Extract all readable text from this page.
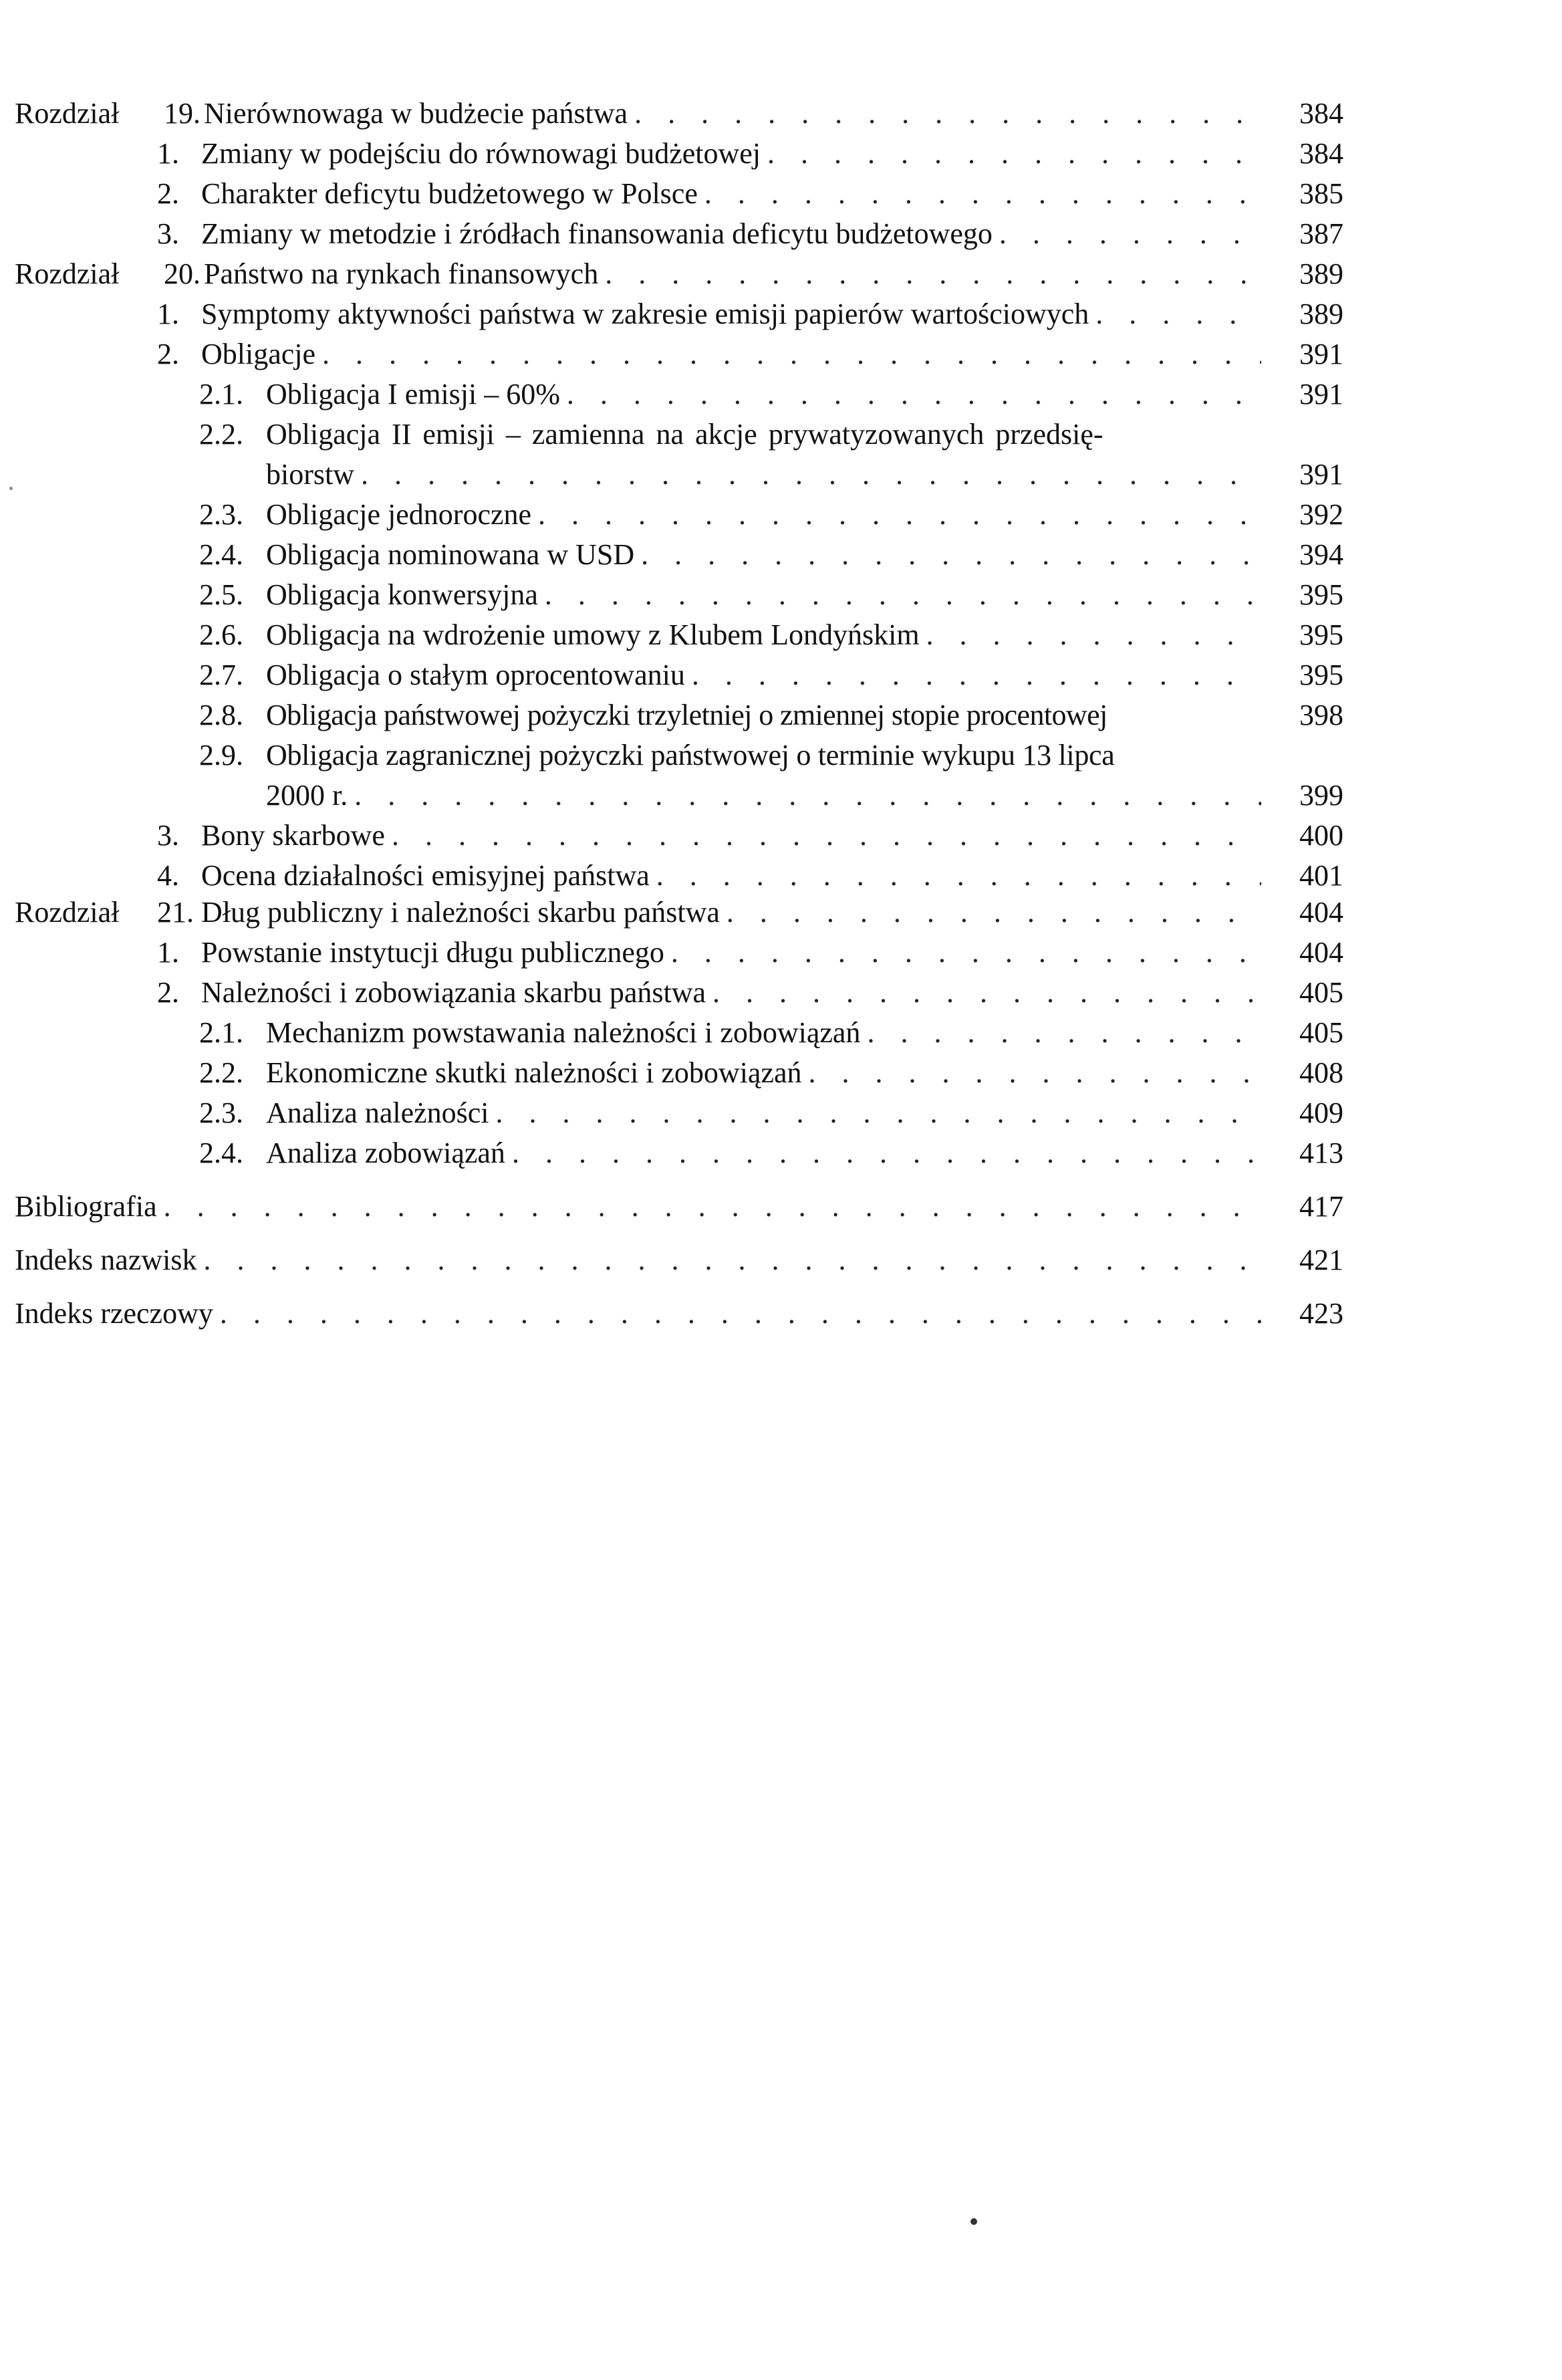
Rozdział 19. Nierównowaga w budżecie państwa . . .	384
1. Zmiany w podejściu do równowagi budżetowej . . .	384
2. Charakter deficytu budżetowego w Polsce . . .	385
3. Zmiany w metodzie i źródłach finansowania deficytu budżetowego . . .	387
Rozdział 20. Państwo na rynkach finansowych . . .	389
1. Symptomy aktywności państwa w zakresie emisji papierów wartościowych . . .	389
2. Obligacje . . .	391
2.1. Obligacja I emisji – 60% . . .	391
2.2. Obligacja II emisji – zamienna na akcje prywatyzowanych przedsię-
biorstw . . .	391
2.3. Obligacje jednoroczne . . .	392
2.4. Obligacja nominowana w USD . . .	394
2.5. Obligacja konwersyjna . . .	395
2.6. Obligacja na wdrożenie umowy z Klubem Londyńskim . . .	395
2.7. Obligacja o stałym oprocentowaniu . . .	395
2.8. Obligacja państwowej pożyczki trzyletniej o zmiennej stopie procentowej	398
2.9. Obligacja zagranicznej pożyczki państwowej o terminie wykupu 13 lipca
2000 r. . . .	399
3. Bony skarbowe . . .	400
4. Ocena działalności emisyjnej państwa . . .	401
Rozdział 21. Dług publiczny i należności skarbu państwa . . .	404
1. Powstanie instytucji długu publicznego . . .	404
2. Należności i zobowiązania skarbu państwa . . .	405
2.1. Mechanizm powstawania należności i zobowiązań . . .	405
2.2. Ekonomiczne skutki należności i zobowiązań . . .	408
2.3. Analiza należności . . .	409
2.4. Analiza zobowiązań . . .	413
Bibliografia . . .	417
Indeks nazwisk . . .	421
Indeks rzeczowy . . .	423
